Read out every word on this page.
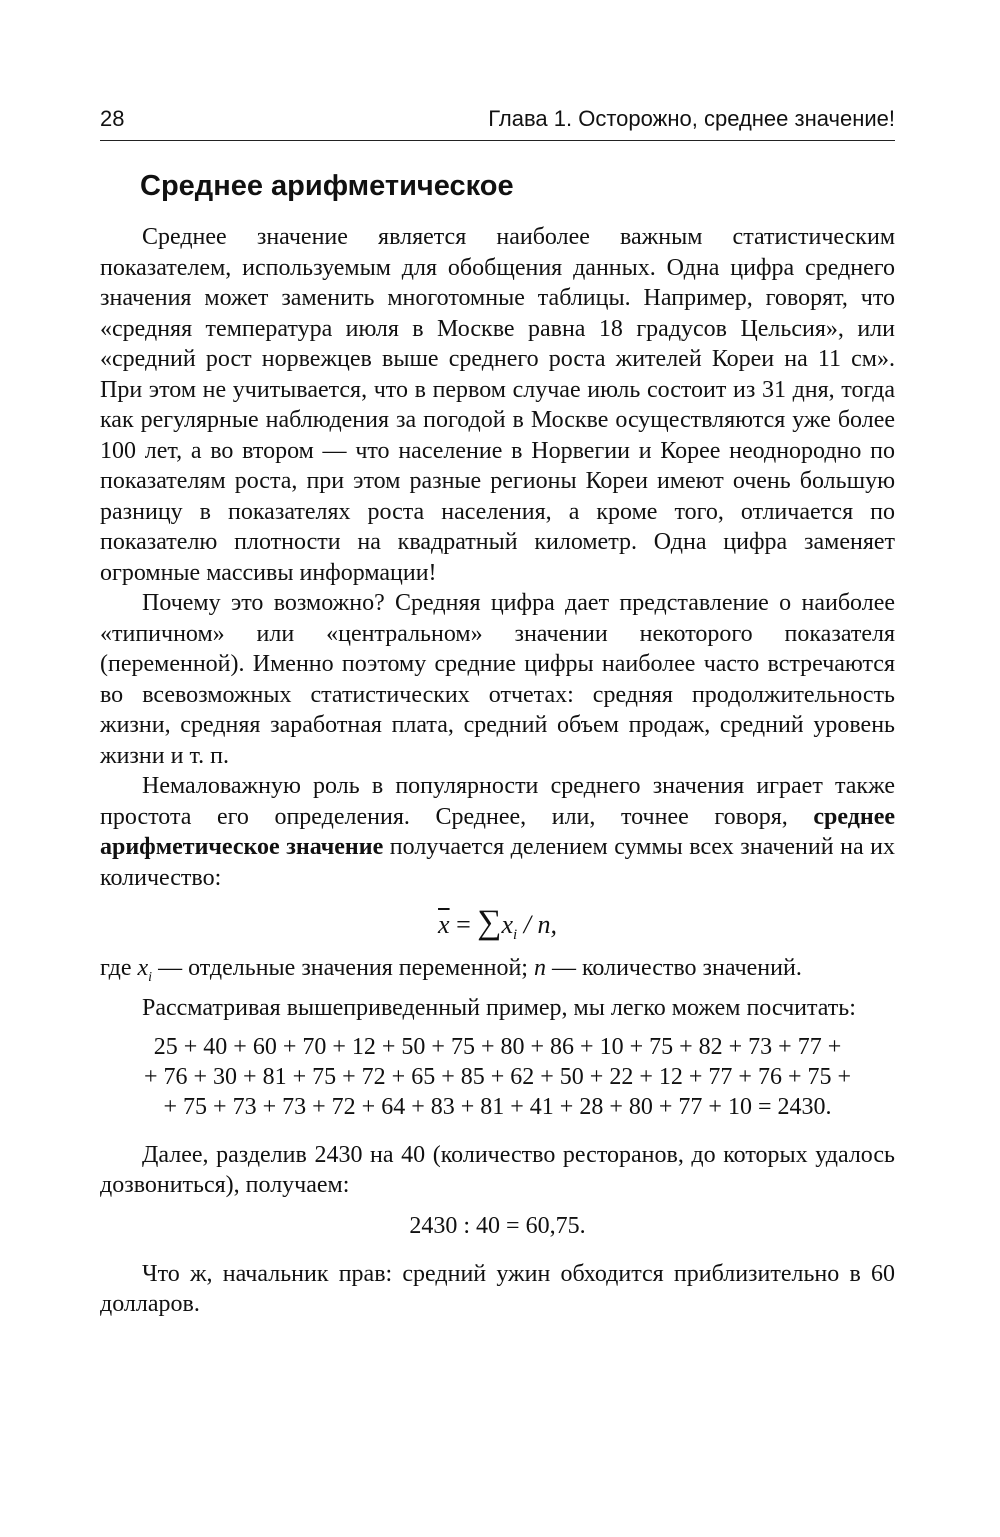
28	Глава 1. Осторожно, среднее значение!
Среднее арифметическое

Среднее значение является наиболее важным статистическим показателем, используемым для обобщения данных. Одна цифра среднего значения может заменить многотомные таблицы. Например, говорят, что «средняя температура июля в Москве равна 18 градусов Цельсия», или «средний рост норвежцев выше среднего роста жителей Кореи на 11 см». При этом не учитывается, что в первом случае июль состоит из 31 дня, тогда как регулярные наблюдения за погодой в Москве осуществляются уже более 100 лет, а во втором — что население в Норвегии и Корее неоднородно по показателям роста, при этом разные регионы Кореи имеют очень большую разницу в показателях роста населения, а кроме того, отличается по показателю плотности на квадратный километр. Одна цифра заменяет огромные массивы информации!

Почему это возможно? Средняя цифра дает представление о наиболее «типичном» или «центральном» значении некоторого показателя (переменной). Именно поэтому средние цифры наиболее часто встречаются во всевозможных статистических отчетах: средняя продолжительность жизни, средняя заработная плата, средний объем продаж, средний уровень жизни и т. п.

Немаловажную роль в популярности среднего значения играет также простота его определения. Среднее, или, точнее говоря, среднее арифметическое значение получается делением суммы всех значений на их количество:

$\overline{x} = \sum x_i / n$,

где $x_i$ — отдельные значения переменной; n — количество значений.

Рассматривая вышеприведенный пример, мы легко можем посчитать:

25 + 40 + 60 + 70 + 12 + 50 + 75 + 80 + 86 + 10 + 75 + 82 + 73 + 77 +
+ 76 + 30 + 81 + 75 + 72 + 65 + 85 + 62 + 50 + 22 + 12 + 77 + 76 + 75 +
+ 75 + 73 + 73 + 72 + 64 + 83 + 81 + 41 + 28 + 80 + 77 + 10 = 2430.

Далее, разделив 2430 на 40 (количество ресторанов, до которых удалось дозвониться), получаем:

2430 : 40 = 60,75.

Что ж, начальник прав: средний ужин обходится приблизительно в 60 долларов.
